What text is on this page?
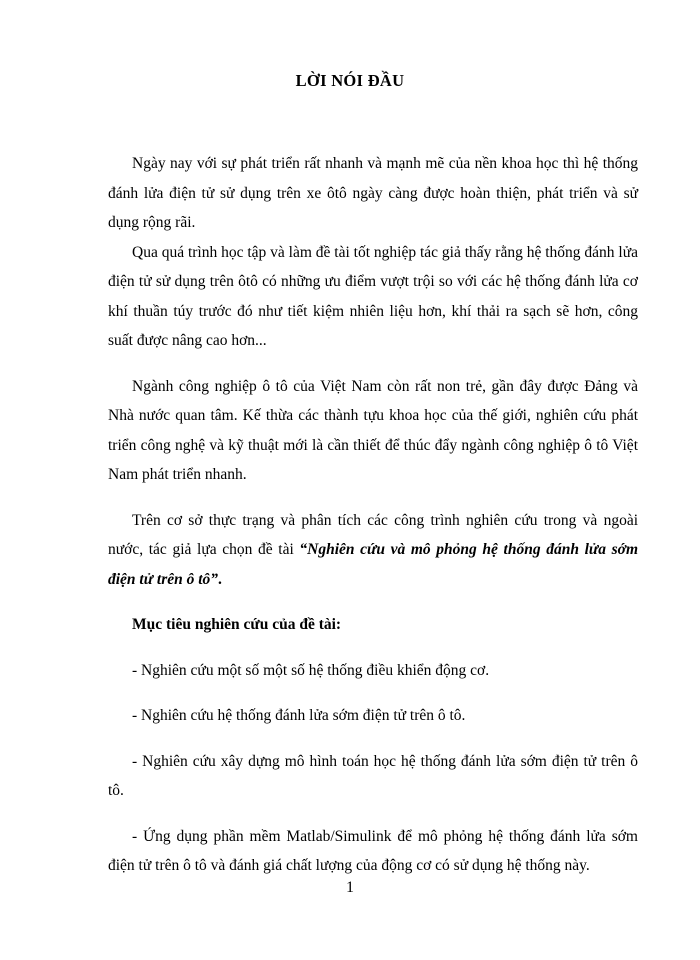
LỜI NÓI ĐẦU

Ngày nay với sự phát triển rất nhanh và mạnh mẽ của nền khoa học thì hệ thống đánh lửa điện tử sử dụng trên xe ôtô ngày càng được hoàn thiện, phát triển và sử dụng rộng rãi.

Qua quá trình học tập và làm đề tài tốt nghiệp tác giả thấy rằng hệ thống đánh lửa điện tử sử dụng trên ôtô có những ưu điểm vượt trội so với các hệ thống đánh lửa cơ khí thuần túy trước đó như tiết kiệm nhiên liệu hơn, khí thải ra sạch sẽ hơn, công suất được nâng cao hơn...

Ngành công nghiệp ô tô của Việt Nam còn rất non trẻ, gần đây được Đảng và Nhà nước quan tâm. Kế thừa các thành tựu khoa học của thế giới, nghiên cứu phát triển công nghệ và kỹ thuật mới là cần thiết để thúc đẩy ngành công nghiệp ô tô Việt Nam phát triển nhanh.

Trên cơ sở thực trạng và phân tích các công trình nghiên cứu trong và ngoài nước, tác giả lựa chọn đề tài “Nghiên cứu và mô phỏng hệ thống đánh lửa sớm điện tử trên ô tô”.

Mục tiêu nghiên cứu của đề tài:

- Nghiên cứu một số một số hệ thống điều khiển động cơ.

- Nghiên cứu hệ thống đánh lửa sớm điện tử trên ô tô.

- Nghiên cứu xây dựng mô hình toán học hệ thống đánh lửa sớm điện tử trên ô tô.

- Ứng dụng phần mềm Matlab/Simulink để mô phỏng hệ thống đánh lửa sớm điện tử trên ô tô và đánh giá chất lượng của động cơ có sử dụng hệ thống này.

1
